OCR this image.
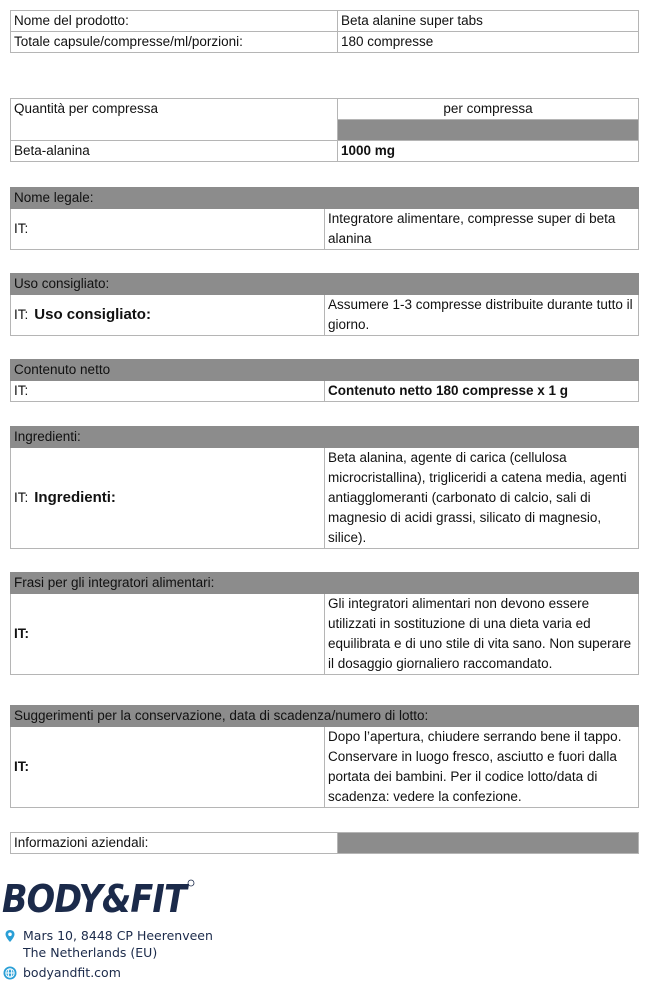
Nome del prodotto:	Beta alanine super tabs
Totale capsule/compresse/ml/porzioni:	180 compresse
Quantità per compressa	per compressa

Beta-alanina	1000 mg
Nome legale:
IT:	Integratore alimentare, compresse super di beta alanina
Uso consigliato:
IT: Uso consigliato:	Assumere 1-3 compresse distribuite durante tutto il giorno.
Contenuto netto
IT:	Contenuto netto 180 compresse x 1 g
Ingredienti:
IT: Ingredienti:	Beta alanina, agente di carica (cellulosa microcristallina), trigliceridi a catena media, agenti antiagglomeranti (carbonato di calcio, sali di magnesio di acidi grassi, silicato di magnesio, silice).
Frasi per gli integratori alimentari:
IT:	Gli integratori alimentari non devono essere utilizzati in sostituzione di una dieta varia ed equilibrata e di uno stile di vita sano. Non superare il dosaggio giornaliero raccomandato.
Suggerimenti per la conservazione, data di scadenza/numero di lotto:
IT:	Dopo l’apertura, chiudere serrando bene il tappo. Conservare in luogo fresco, asciutto e fuori dalla portata dei bambini. Per il codice lotto/data di scadenza: vedere la confezione.
Informazioni aziendali:	
BODY&FIT
Mars 10, 8448 CP Heerenveen
The Netherlands (EU)
bodyandfit.com
